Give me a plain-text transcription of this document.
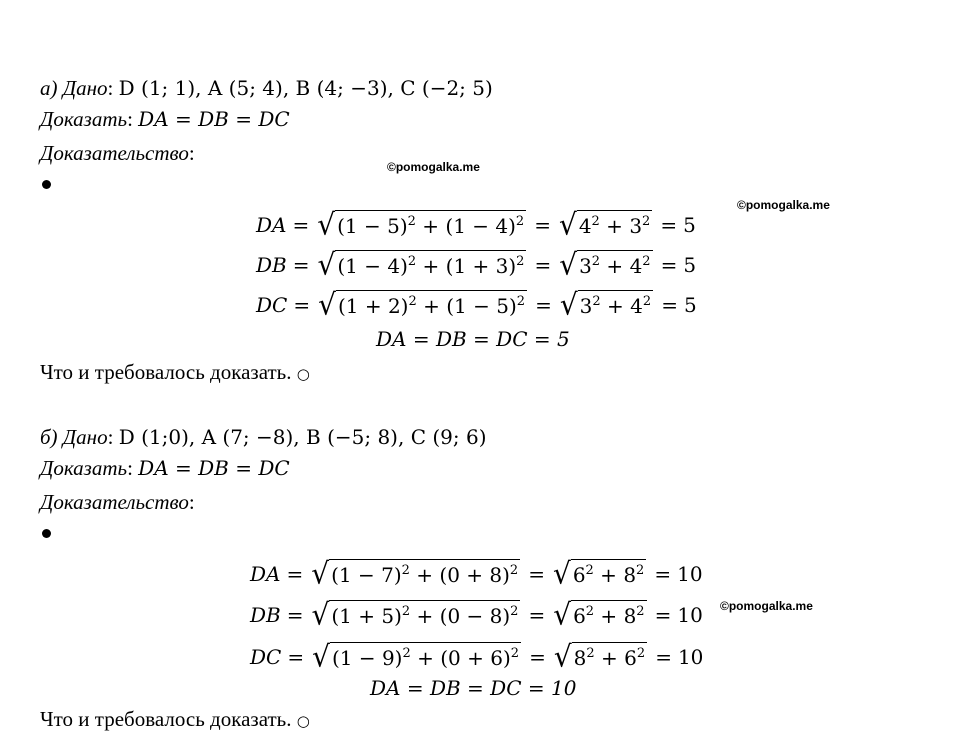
а) Дано: D (1; 1), A (5; 4), B (4; −3), C (−2; 5)
Доказать: DA = DB = DC
Доказательство:
©pomogalka.me
©pomogalka.me
DA = √ $(1 - 5)^2 + (1 - 4)^2$ = √ $4^2 + 3^2 = 5$
DB = √ $(1 - 4)^2 + (1 + 3)^2$ = √ $3^2 + 4^2 = 5$
DC = √ $(1 + 2)^2 + (1 - 5)^2$ = √ $3^2 + 4^2 = 5$
DA = DB = DC = 5
Что и требовалось доказать. ○
б) Дано: D (1;0), A (7; −8), B (−5; 8), C (9; 6)
Доказать: DA = DB = DC
Доказательство:
DA = √ $(1 - 7)^2 + (0 + 8)^2$ = √ $6^2 + 8^2 = 10$
DB = √ $(1 + 5)^2 + (0 - 8)^2$ = √ $6^2 + 8^2 = 10$
DC = √ $(1 - 9)^2 + (0 + 6)^2$ = √ $8^2 + 6^2 = 10$
©pomogalka.me
DA = DB = DC = 10
Что и требовалось доказать. ○
